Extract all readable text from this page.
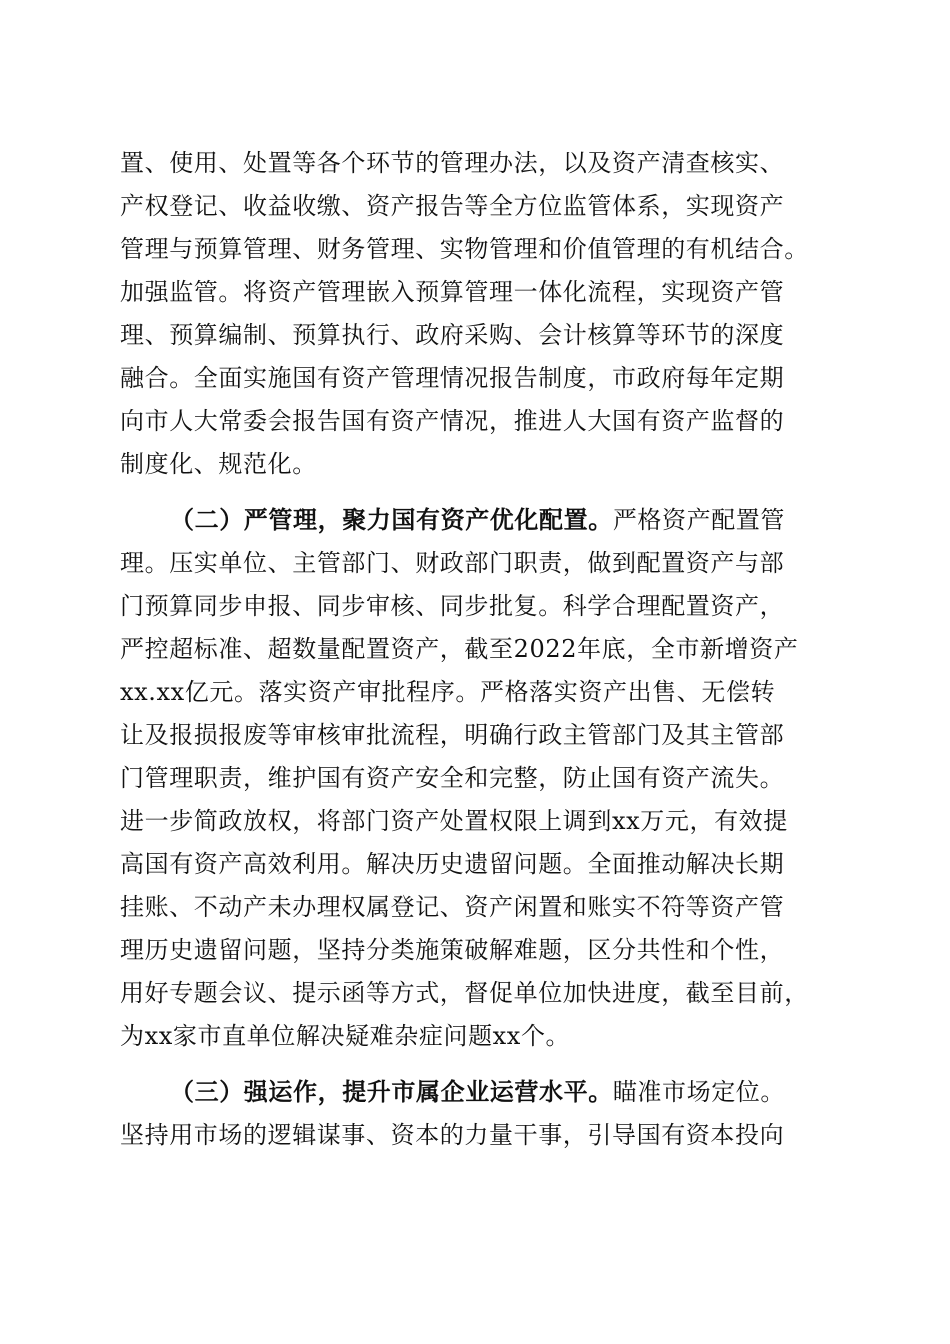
置、使用、处置等各个环节的管理办法，以及资产清查核实、
产权登记、收益收缴、资产报告等全方位监管体系，实现资产
管理与预算管理、财务管理、实物管理和价值管理的有机结合。
加强监管。将资产管理嵌入预算管理一体化流程，实现资产管
理、预算编制、预算执行、政府采购、会计核算等环节的深度
融合。全面实施国有资产管理情况报告制度，市政府每年定期
向市人大常委会报告国有资产情况，推进人大国有资产监督的
制度化、规范化。
（二）严管理，聚力国有资产优化配置。严格资产配置管
理。压实单位、主管部门、财政部门职责，做到配置资产与部
门预算同步申报、同步审核、同步批复。科学合理配置资产，
严控超标准、超数量配置资产，截至2022年底，全市新增资产
xx.xx亿元。落实资产审批程序。严格落实资产出售、无偿转
让及报损报废等审核审批流程，明确行政主管部门及其主管部
门管理职责，维护国有资产安全和完整，防止国有资产流失。
进一步简政放权，将部门资产处置权限上调到xx万元，有效提
高国有资产高效利用。解决历史遗留问题。全面推动解决长期
挂账、不动产未办理权属登记、资产闲置和账实不符等资产管
理历史遗留问题，坚持分类施策破解难题，区分共性和个性，
用好专题会议、提示函等方式，督促单位加快进度，截至目前，
为xx家市直单位解决疑难杂症问题xx个。
（三）强运作，提升市属企业运营水平。瞄准市场定位。
坚持用市场的逻辑谋事、资本的力量干事，引导国有资本投向
